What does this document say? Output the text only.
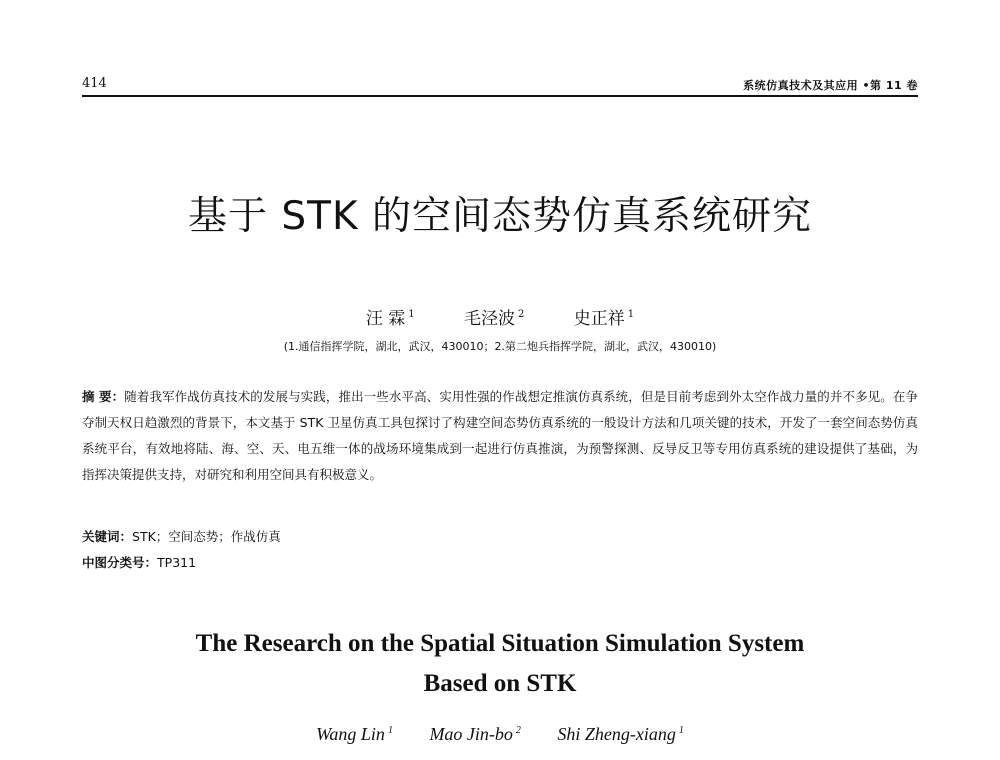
414	系统仿真技术及其应用 •第 11 卷
基于 STK 的空间态势仿真系统研究
汪 霖 $^1$	毛泾波 $^2$	史正祥 $^1$
(1.通信指挥学院，湖北，武汉，430010；2.第二炮兵指挥学院，湖北，武汉，430010)
摘 要：随着我军作战仿真技术的发展与实践，推出一些水平高、实用性强的作战想定推演仿真系统，但是目前考虑到外太空作战力量的并不多见。在争夺制天权日趋激烈的背景下，本文基于 STK 卫星仿真工具包探讨了构建空间态势仿真系统的一般设计方法和几项关键的技术，开发了一套空间态势仿真系统平台，有效地将陆、海、空、天、电五维一体的战场环境集成到一起进行仿真推演，为预警探测、反导反卫等专用仿真系统的建设提供了基础，为指挥决策提供支持，对研究和利用空间具有积极意义。
关键词：STK；空间态势；作战仿真
中图分类号：TP311
The Research on the Spatial Situation Simulation System
Based on STK
Wang Lin $^1$ Mao Jin-bo $^2$ Shi Zheng-xiang $^1$
